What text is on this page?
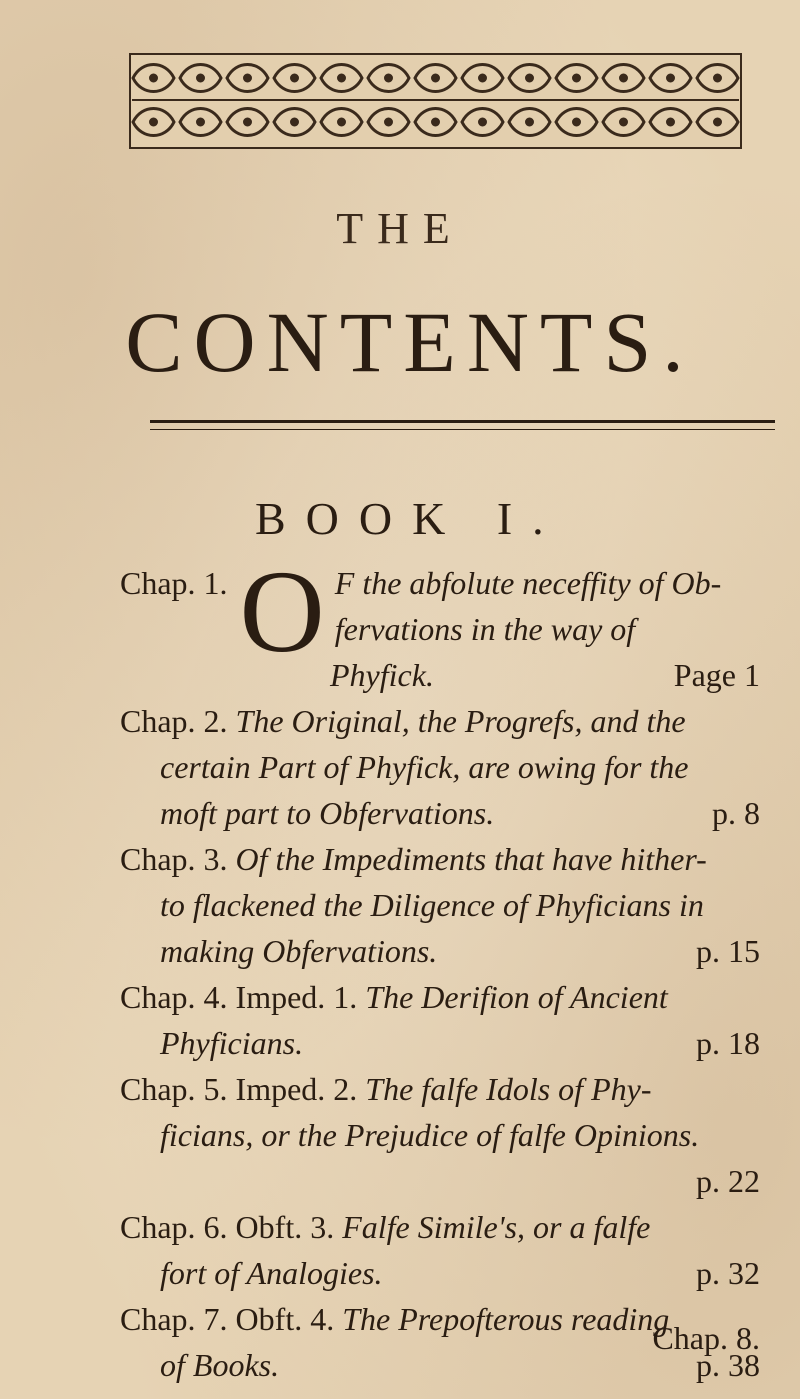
THE
CONTENTS.
BOOK I.
Chap. 1. O F the abfolute neceffity of Ob-
fervations in the way of
Phyfick.	Page 1
Chap. 2. The Original, the Progrefs, and the
certain Part of Phyfick, are owing for the
moft part to Obfervations.	p. 8
Chap. 3. Of the Impediments that have hither-
to flackened the Diligence of Phyficians in
making Obfervations.	p. 15
Chap. 4. Imped. 1. The Derifion of Ancient
Phyficians.	p. 18
Chap. 5. Imped. 2. The falfe Idols of Phy-
ficians, or the Prejudice of falfe Opinions.
p. 22
Chap. 6. Obft. 3. Falfe Simile's, or a falfe
fort of Analogies.	p. 32
Chap. 7. Obft. 4. The Prepofterous reading
of Books.	p. 38
Chap. 8.
